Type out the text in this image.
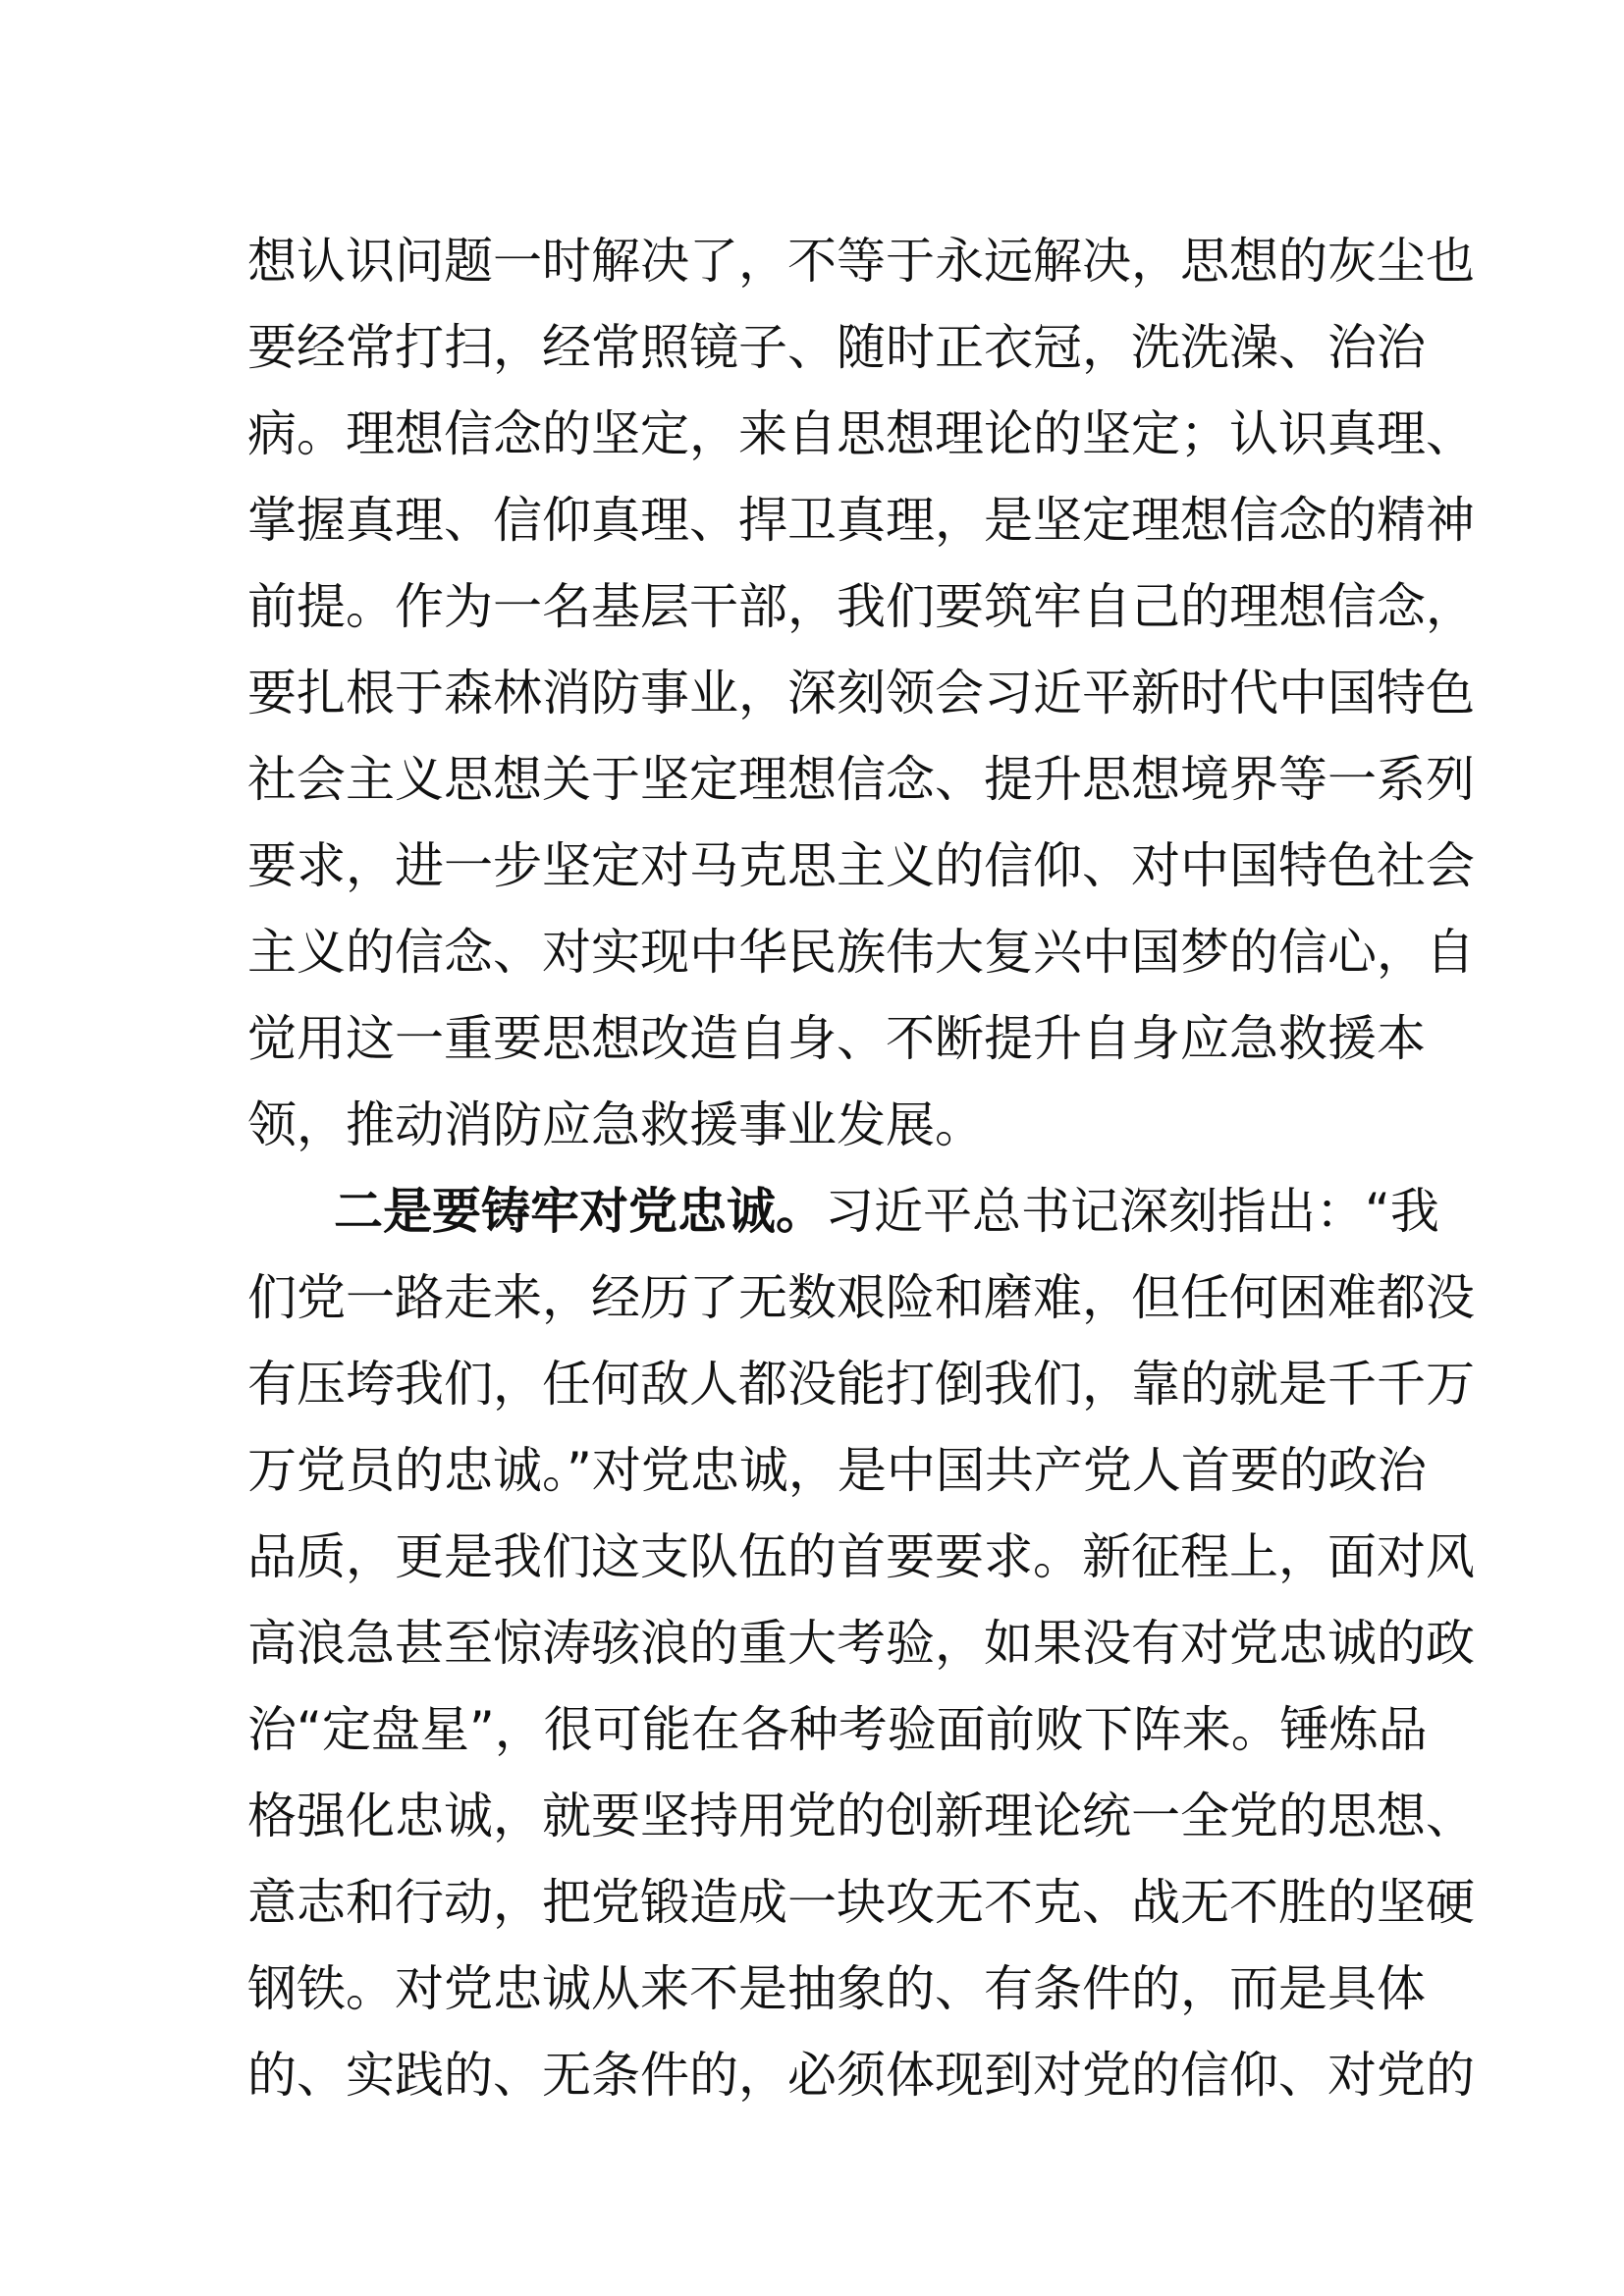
想认识问题一时解决了，不等于永远解决，思想的灰尘也
要经常打扫，经常照镜子、随时正衣冠，洗洗澡、治治
病。理想信念的坚定，来自思想理论的坚定；认识真理、
掌握真理、信仰真理、捍卫真理，是坚定理想信念的精神
前提。作为一名基层干部，我们要筑牢自己的理想信念，
要扎根于森林消防事业，深刻领会习近平新时代中国特色
社会主义思想关于坚定理想信念、提升思想境界等一系列
要求，进一步坚定对马克思主义的信仰、对中国特色社会
主义的信念、对实现中华民族伟大复兴中国梦的信心，自
觉用这一重要思想改造自身、不断提升自身应急救援本
领，推动消防应急救援事业发展。
二是要铸牢对党忠诚。习近平总书记深刻指出：“我
们党一路走来，经历了无数艰险和磨难，但任何困难都没
有压垮我们，任何敌人都没能打倒我们，靠的就是千千万
万党员的忠诚。”对党忠诚，是中国共产党人首要的政治
品质，更是我们这支队伍的首要要求。新征程上，面对风
高浪急甚至惊涛骇浪的重大考验，如果没有对党忠诚的政
治“定盘星”，很可能在各种考验面前败下阵来。锤炼品
格强化忠诚，就要坚持用党的创新理论统一全党的思想、
意志和行动，把党锻造成一块攻无不克、战无不胜的坚硬
钢铁。对党忠诚从来不是抽象的、有条件的，而是具体
的、实践的、无条件的，必须体现到对党的信仰、对党的
